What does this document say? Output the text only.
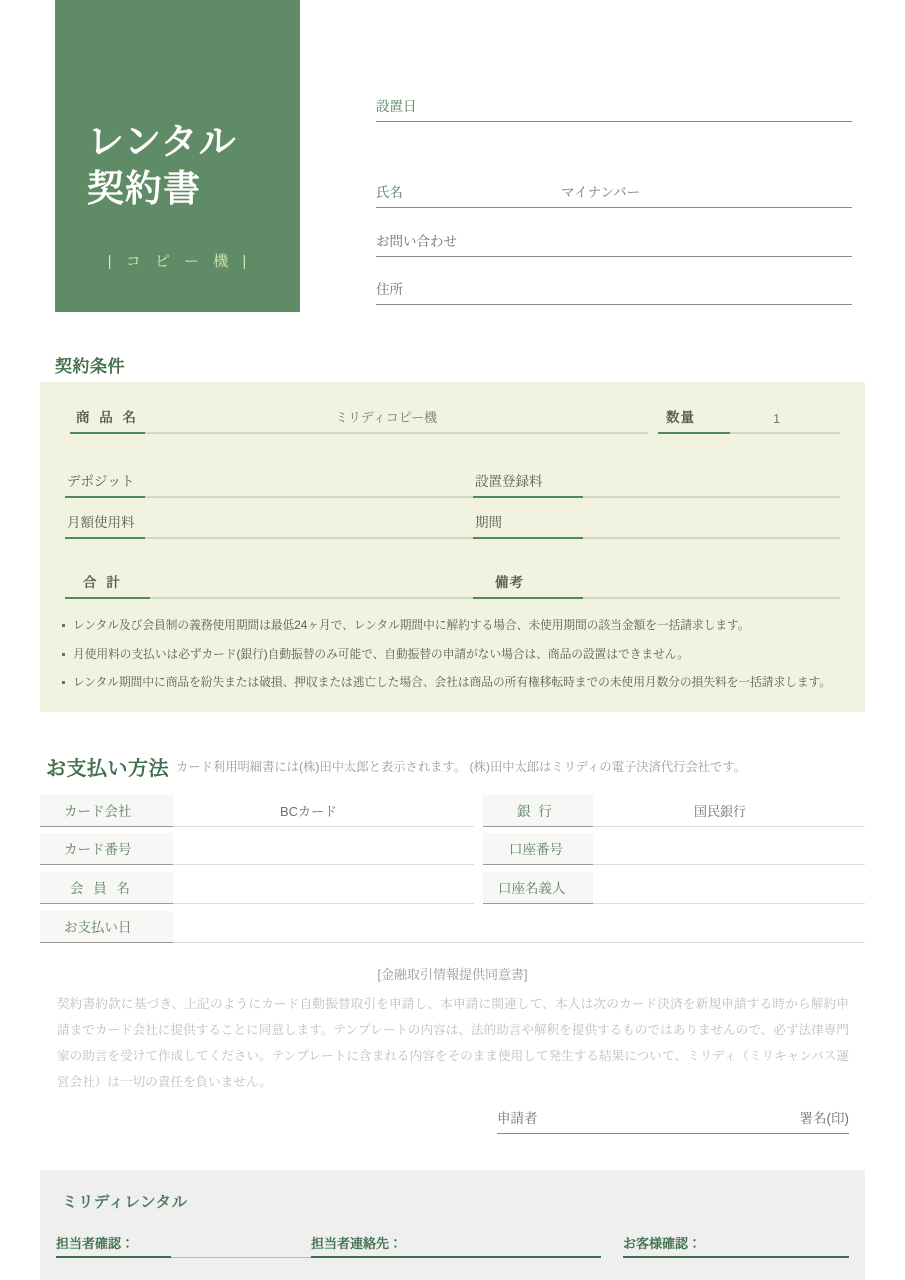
レンタル
契約書
| コ ピ ー 機 |
設置日
氏名	マイナンバー
お問い合わせ
住所
契約条件
商 品 名	ミリディコピー機	数量	1
デポジット	設置登録料
月額使用料	期間
合 計	備考
レンタル及び会員制の義務使用期間は最低24ヶ月で、レンタル期間中に解約する場合、未使用期間の該当金額を一括請求します。
月使用料の支払いは必ずカード(銀行)自動振替のみ可能で、自動振替の申請がない場合は、商品の設置はできません。
レンタル期間中に商品を紛失または破損、押収または逃亡した場合、会社は商品の所有権移転時までの未使用月数分の損失料を一括請求します。
お支払い方法 カード利用明細書には(株)田中太郎と表示されます。 (株)田中太郎はミリディの電子決済代行会社です。
カード会社	BCカード	銀 行	国民銀行
カード番号	口座番号
会 員 名	口座名義人
お支払い日
[金融取引情報提供同意書]
契約書約款に基づき、上記のようにカード自動振替取引を申請し、本申請に関連して、本人は次のカード決済を新規申請する時から解約申請までカード会社に提供することに同意します。テンプレートの内容は、法的助言や解釈を提供するものではありませんので、必ず法律専門家の助言を受けて作成してください。テンプレートに含まれる内容をそのまま使用して発生する結果について、ミリディ（ミリキャンバス運営会社）は一切の責任を負いません。
申請者	署名(印)
ミリディレンタル
担当者確認：	担当者連絡先：	お客様確認：
